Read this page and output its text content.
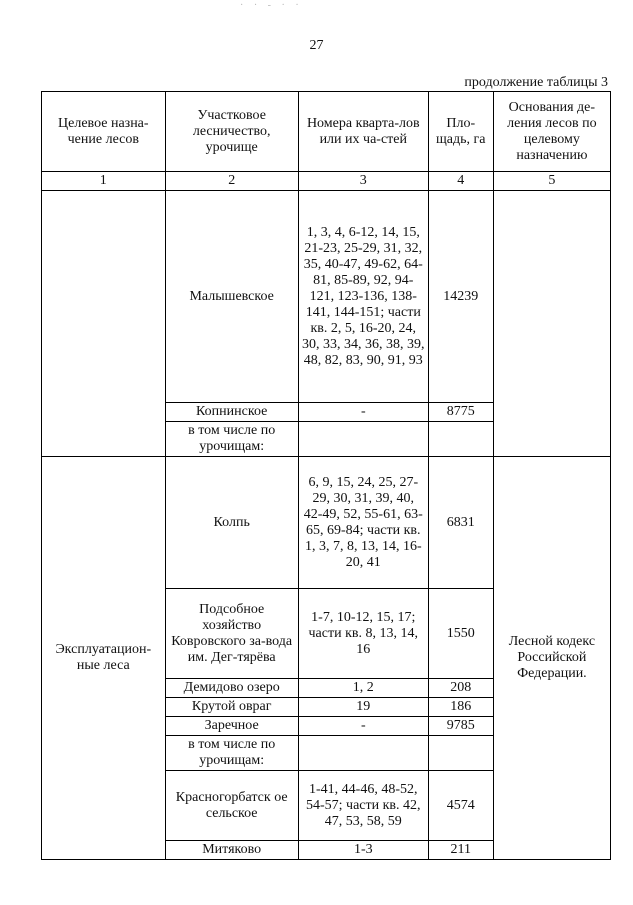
· · - · ·
27
продолжение таблицы 3
Целевое назна-чение лесов	Участковое лесничество, урочище	Номера кварта-лов или их ча-стей	Пло-щадь, га	Основания де-ления лесов по целевому назначению
1	2	3	4	5
	Малышевское	1, 3, 4, 6-12, 14, 15, 21-23, 25-29, 31, 32, 35, 40-47, 49-62, 64-81, 85-89, 92, 94-121, 123-136, 138-141, 144-151; части кв. 2, 5, 16-20, 24, 30, 33, 34, 36, 38, 39, 48, 82, 83, 90, 91, 93	14239	
	Копнинское	-	8775	
	в том числе по урочищам:			
Эксплуатацион-ные леса	Колпь	6, 9, 15, 24, 25, 27-29, 30, 31, 39, 40, 42-49, 52, 55-61, 63-65, 69-84; части кв. 1, 3, 7, 8, 13, 14, 16-20, 41	6831	Лесной кодекс Российской Федерации.
	Подсобное хозяйство Ковровского за-вода им. Дег-тярёва	1-7, 10-12, 15, 17; части кв. 8, 13, 14, 16	1550	
	Демидово озеро	1, 2	208	
	Крутой овраг	19	186	
	Заречное	-	9785	
	в том числе по урочищам:			
	Красногорбатск ое сельское	1-41, 44-46, 48-52, 54-57; части кв. 42, 47, 53, 58, 59	4574	
	Митяково	1-3	211	
